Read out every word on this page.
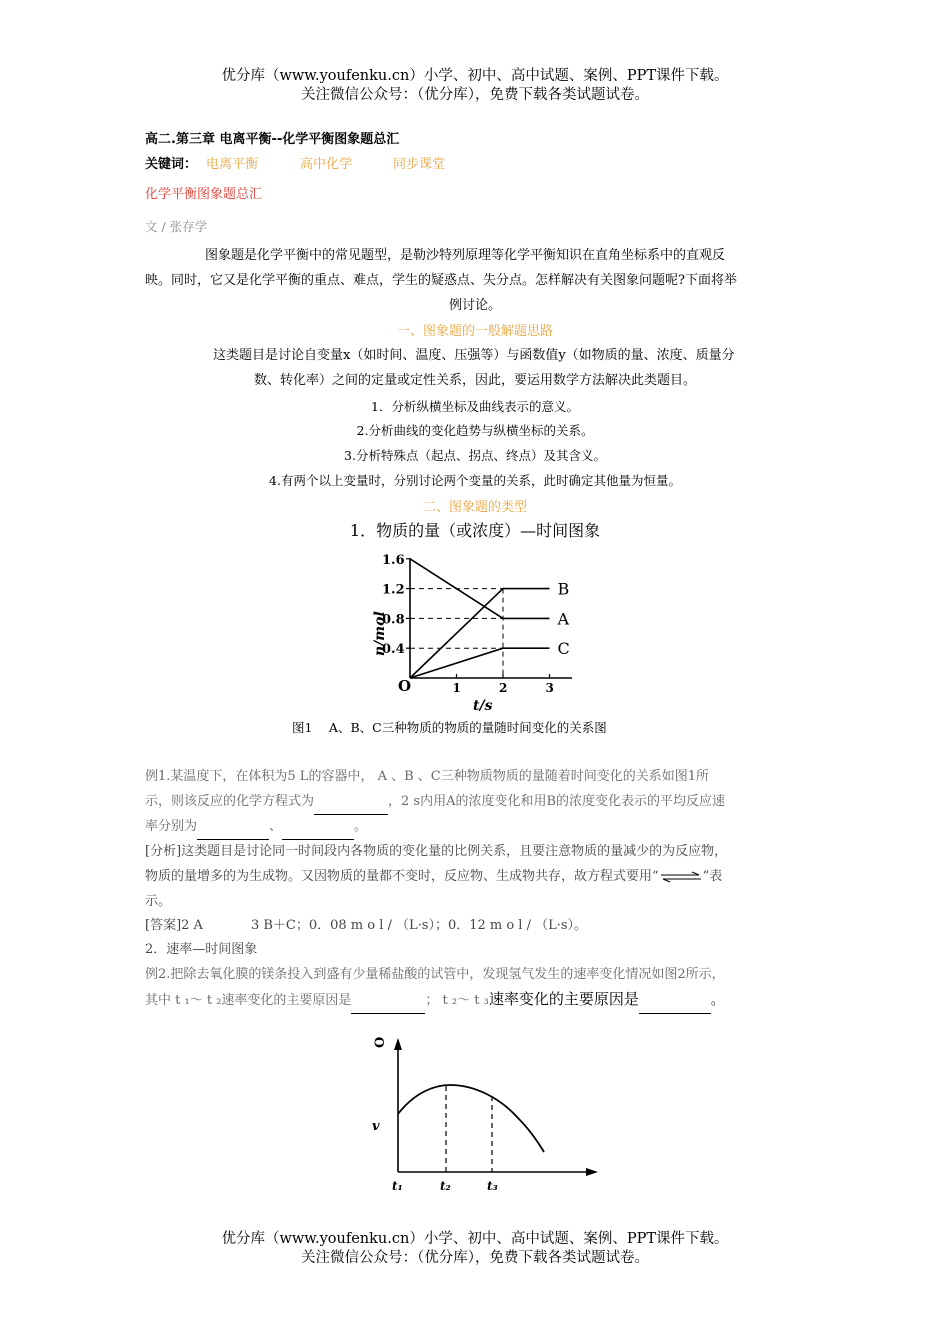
优分库（www.youfenku.cn）小学、初中、高中试题、案例、PPT课件下载。
关注微信公众号：（优分库），免费下载各类试题试卷。
高二.第三章 电离平衡--化学平衡图象题总汇
关键词： 电离平衡	高中化学	同步课堂
化学平衡图象题总汇
文 / 张存学
图象题是化学平衡中的常见题型，是勒沙特列原理等化学平衡知识在直角坐标系中的直观反
映。同时，它又是化学平衡的重点、难点，学生的疑惑点、失分点。怎样解决有关图象问题呢?下面将举
例讨论。
一、图象题的一般解题思路
这类题目是讨论自变量x（如时间、温度、压强等）与函数值y（如物质的量、浓度、质量分
数、转化率）之间的定量或定性关系，因此，要运用数学方法解决此类题目。
1．分析纵横坐标及曲线表示的意义。
2.分析曲线的变化趋势与纵横坐标的关系。
3.分析特殊点（起点、拐点、终点）及其含义。
4.有两个以上变量时，分别讨论两个变量的关系，此时确定其他量为恒量。
二、图象题的类型
1．物质的量（或浓度）—时间图象
0.4
0.8
1.2
1.6
1	2	3
B
A
C
O
n/mol
t/s
图1　 A、B、C三种物质的物质的量随时间变化的关系图
例1.某温度下，在体积为5 L的容器中， A 、B 、C三种物质物质的量随着时间变化的关系如图1所
示，则该反应的化学方程式为	，2 s内用A的浓度变化和用B的浓度变化表示的平均反应速
率分别为	、	。
[分析]这类题目是讨论同一时间段内各物质的变化量的比例关系，且要注意物质的量减少的为反应物，
物质的量增多的为生成物。又因物质的量都不变时，反应物、生成物共存，故方程式要用“⇌”表
示。
[答案]2 A	3 B＋C；0．08 m o l / （L·s）；0．12 m o l / （L·s）。
2．速率—时间图象
例2.把除去氧化膜的镁条投入到盛有少量稀盐酸的试管中，发现氢气发生的速率变化情况如图2所示，
其中 t ₁～ t ₂速率变化的主要原因是	； t ₂～ t ₃速率变化的主要原因是	。
O
v
t₁	t₂	t₃
优分库（www.youfenku.cn）小学、初中、高中试题、案例、PPT课件下载。
关注微信公众号：（优分库），免费下载各类试题试卷。
